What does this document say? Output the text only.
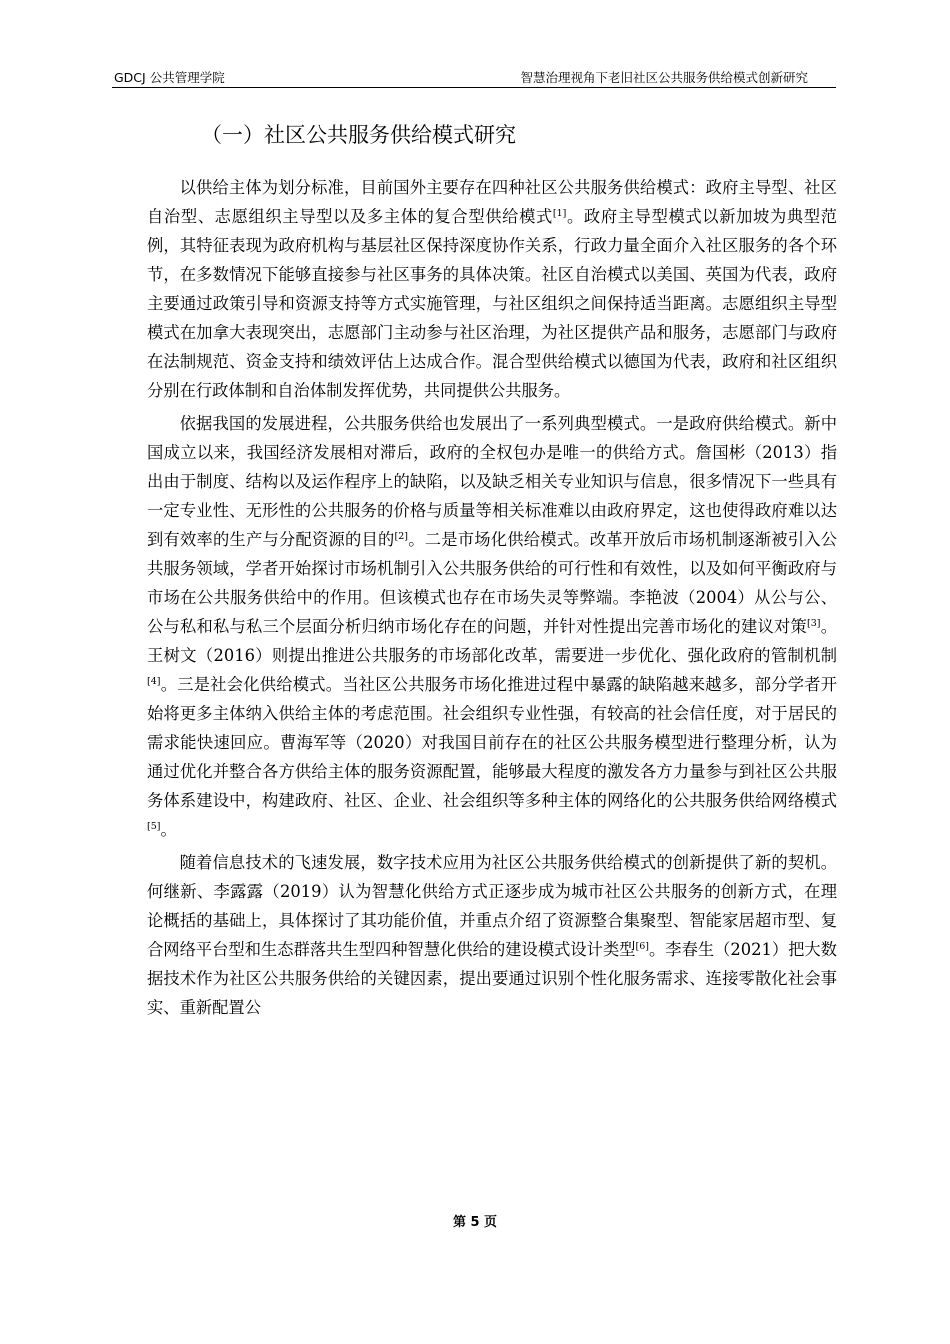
GDCJ 公共管理学院	智慧治理视角下老旧社区公共服务供给模式创新研究
（一）社区公共服务供给模式研究

以供给主体为划分标准，目前国外主要存在四种社区公共服务供给模式：政府主导型、社区自治型、志愿组织主导型以及多主体的复合型供给模式[1]。政府主导型模式以新加坡为典型范例，其特征表现为政府机构与基层社区保持深度协作关系，行政力量全面介入社区服务的各个环节，在多数情况下能够直接参与社区事务的具体决策。社区自治模式以美国、英国为代表，政府主要通过政策引导和资源支持等方式实施管理，与社区组织之间保持适当距离。志愿组织主导型模式在加拿大表现突出，志愿部门主动参与社区治理，为社区提供产品和服务，志愿部门与政府在法制规范、资金支持和绩效评估上达成合作。混合型供给模式以德国为代表，政府和社区组织分别在行政体制和自治体制发挥优势，共同提供公共服务。

依据我国的发展进程，公共服务供给也发展出了一系列典型模式。一是政府供给模式。新中国成立以来，我国经济发展相对滞后，政府的全权包办是唯一的供给方式。詹国彬（2013）指出由于制度、结构以及运作程序上的缺陷，以及缺乏相关专业知识与信息，很多情况下一些具有一定专业性、无形性的公共服务的价格与质量等相关标准难以由政府界定，这也使得政府难以达到有效率的生产与分配资源的目的[2]。二是市场化供给模式。改革开放后市场机制逐渐被引入公共服务领域，学者开始探讨市场机制引入公共服务供给的可行性和有效性，以及如何平衡政府与市场在公共服务供给中的作用。但该模式也存在市场失灵等弊端。李艳波（2004）从公与公、公与私和私与私三个层面分析归纳市场化存在的问题，并针对性提出完善市场化的建议对策[3]。王树文（2016）则提出推进公共服务的市场部化改革，需要进一步优化、强化政府的管制机制[4]。三是社会化供给模式。当社区公共服务市场化推进过程中暴露的缺陷越来越多，部分学者开始将更多主体纳入供给主体的考虑范围。社会组织专业性强，有较高的社会信任度，对于居民的需求能快速回应。曹海军等（2020）对我国目前存在的社区公共服务模型进行整理分析，认为通过优化并整合各方供给主体的服务资源配置，能够最大程度的激发各方力量参与到社区公共服务体系建设中，构建政府、社区、企业、社会组织等多种主体的网络化的公共服务供给网络模式[5]。

随着信息技术的飞速发展，数字技术应用为社区公共服务供给模式的创新提供了新的契机。何继新、李露露（2019）认为智慧化供给方式正逐步成为城市社区公共服务的创新方式，在理论概括的基础上，具体探讨了其功能价值，并重点介绍了资源整合集聚型、智能家居超市型、复合网络平台型和生态群落共生型四种智慧化供给的建设模式设计类型[6]。李春生（2021）把大数据技术作为社区公共服务供给的关键因素，提出要通过识别个性化服务需求、连接零散化社会事实、重新配置公

第 5 页
